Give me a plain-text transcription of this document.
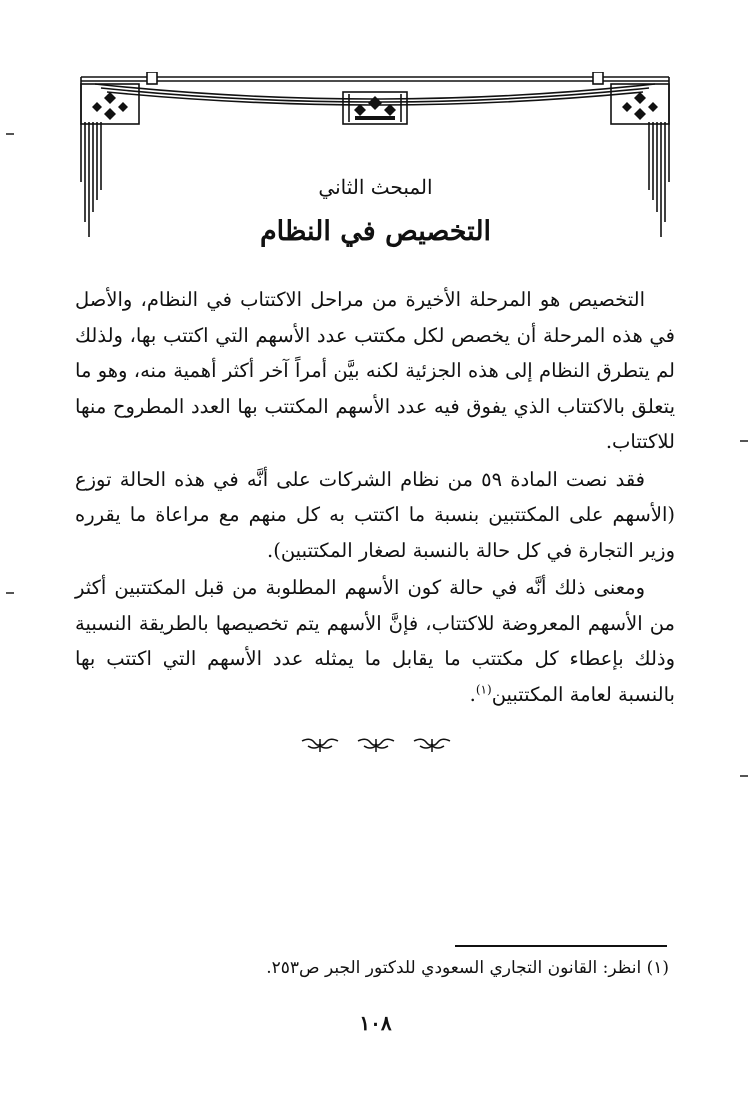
المبحث الثاني
التخصيص في النظام

التخصيص هو المرحلة الأخيرة من مراحل الاكتتاب في النظام، والأصل في هذه المرحلة أن يخصص لكل مكتتب عدد الأسهم التي اكتتب بها، ولذلك لم يتطرق النظام إلى هذه الجزئية لكنه بيَّن أمراً آخر أكثر أهمية منه، وهو ما يتعلق بالاكتتاب الذي يفوق فيه عدد الأسهم المكتتب بها العدد المطروح منها للاكتتاب.

فقد نصت المادة ٥٩ من نظام الشركات على أنَّه في هذه الحالة توزع (الأسهم على المكتتبين بنسبة ما اكتتب به كل منهم مع مراعاة ما يقرره وزير التجارة في كل حالة بالنسبة لصغار المكتتبين).

ومعنى ذلك أنَّه في حالة كون الأسهم المطلوبة من قبل المكتتبين أكثر من الأسهم المعروضة للاكتتاب، فإنَّ الأسهم يتم تخصيصها بالطريقة النسبية وذلك بإعطاء كل مكتتب ما يقابل ما يمثله عدد الأسهم التي اكتتب بها بالنسبة لعامة المكتتبين$^{(١)}$.

(١) انظر: القانون التجاري السعودي للدكتور الجبر ص٢٥٣.
١٠٨
